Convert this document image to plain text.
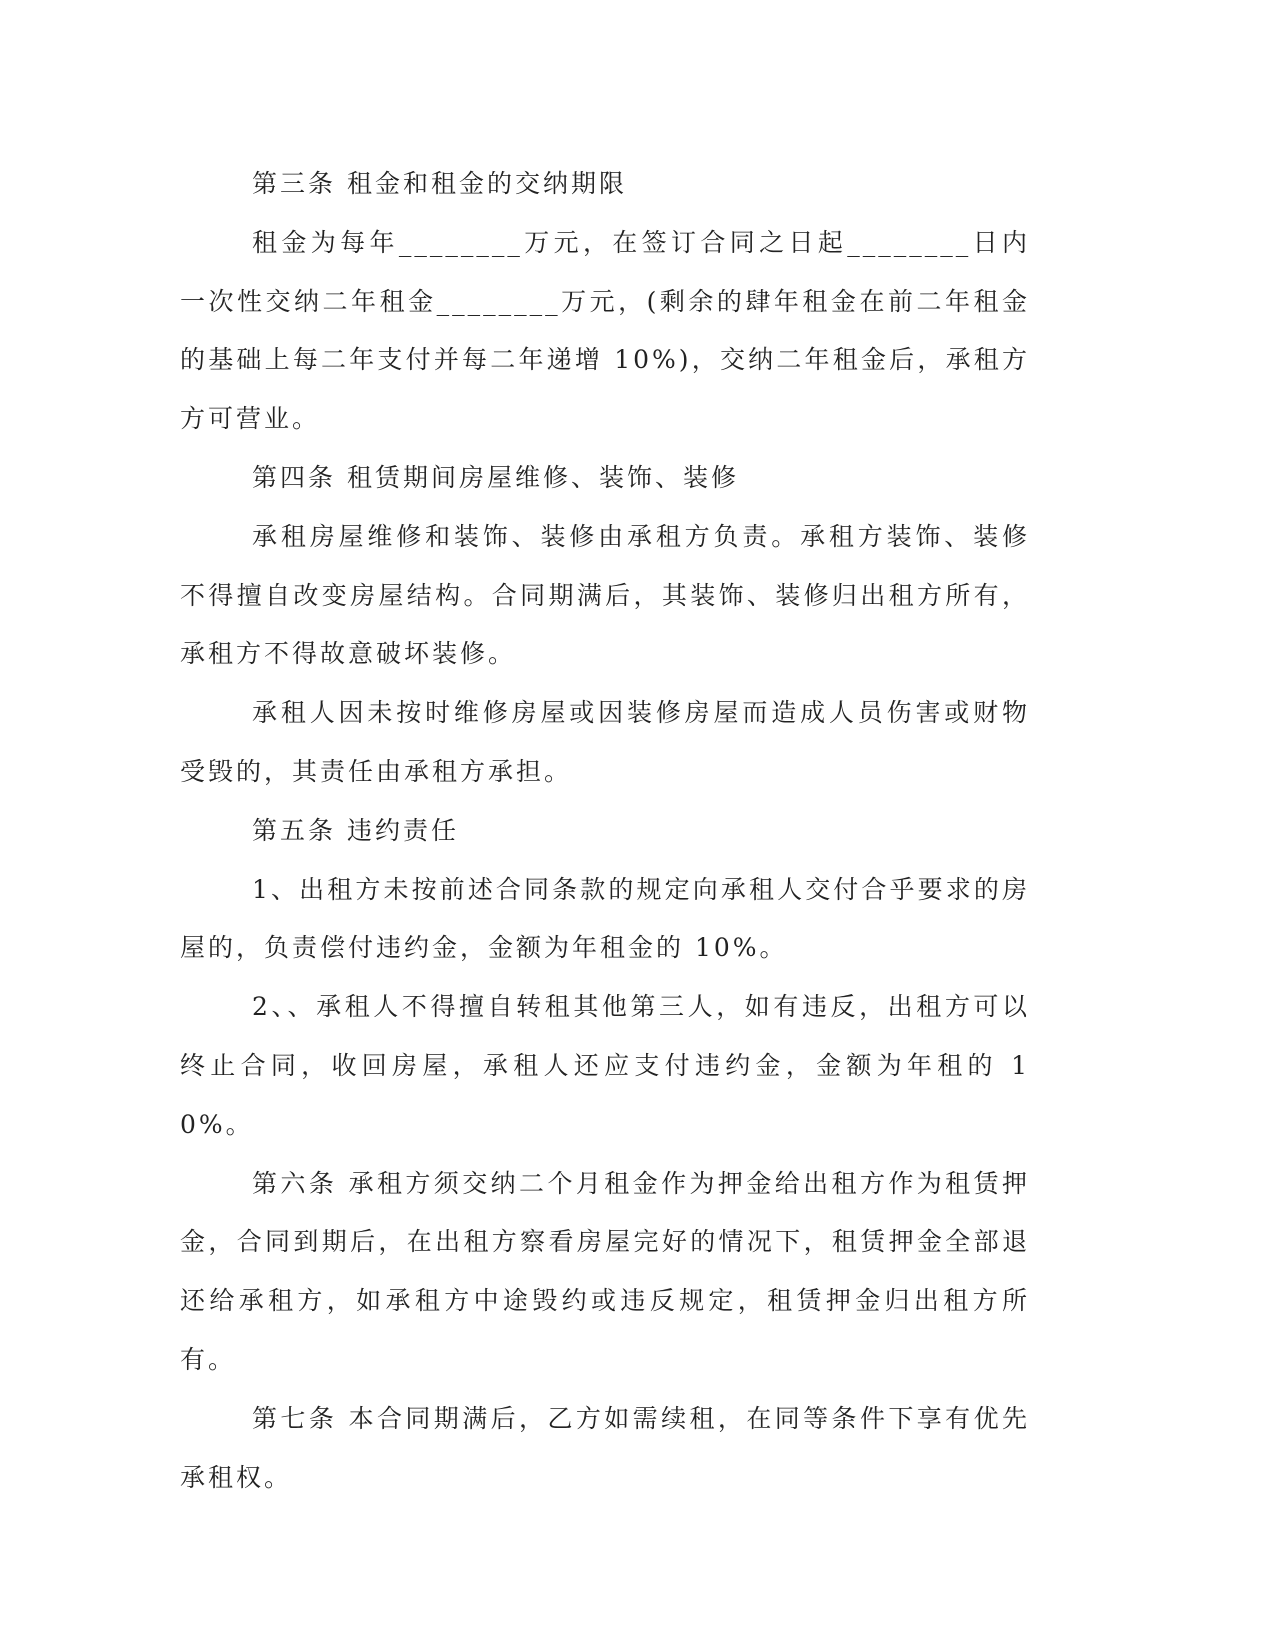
第三条 租金和租金的交纳期限

租金为每年________万元，在签订合同之日起________日内一次性交纳二年租金________万元，(剩余的肆年租金在前二年租金的基础上每二年支付并每二年递增 10%)，交纳二年租金后，承租方方可营业。

第四条 租赁期间房屋维修、装饰、装修

承租房屋维修和装饰、装修由承租方负责。承租方装饰、装修不得擅自改变房屋结构。合同期满后，其装饰、装修归出租方所有，承租方不得故意破坏装修。

承租人因未按时维修房屋或因装修房屋而造成人员伤害或财物受毁的，其责任由承租方承担。

第五条 违约责任

1、出租方未按前述合同条款的规定向承租人交付合乎要求的房屋的，负责偿付违约金，金额为年租金的 10%。

2、、承租人不得擅自转租其他第三人，如有违反，出租方可以终止合同，收回房屋，承租人还应支付违约金，金额为年租的 10%。

第六条 承租方须交纳二个月租金作为押金给出租方作为租赁押金，合同到期后，在出租方察看房屋完好的情况下，租赁押金全部退还给承租方，如承租方中途毁约或违反规定，租赁押金归出租方所有。

第七条 本合同期满后，乙方如需续租，在同等条件下享有优先承租权。
